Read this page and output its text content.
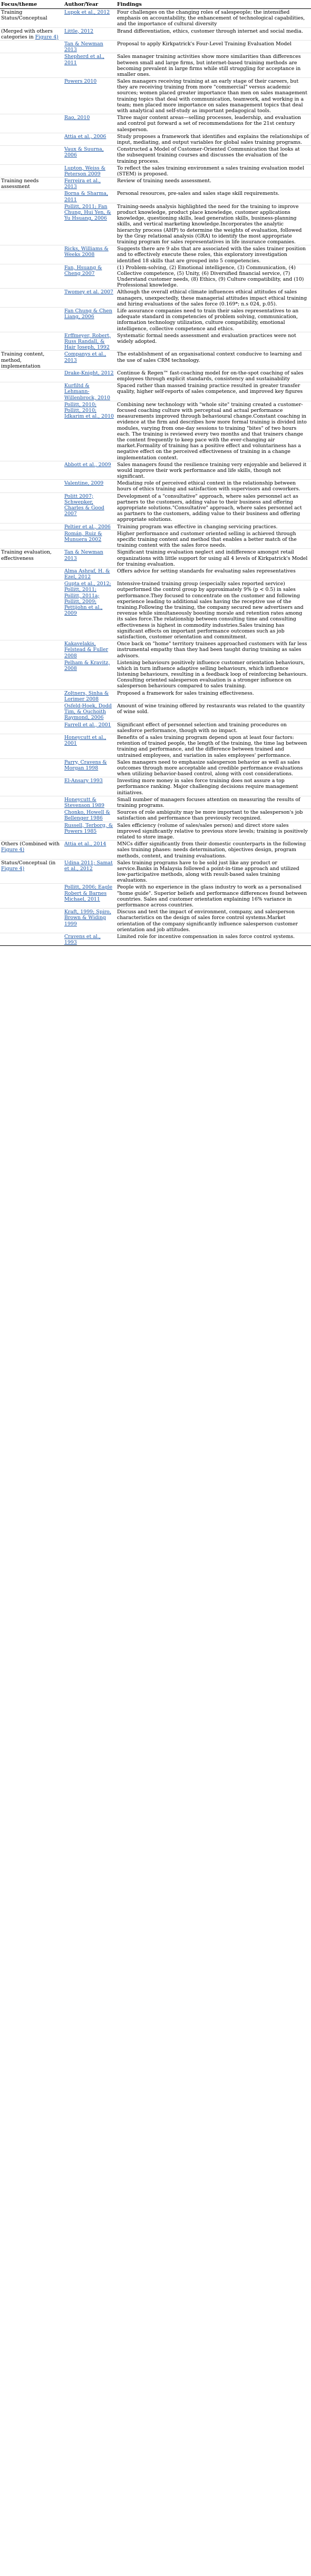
Focus/theme	Author/Year	Findings
Training Status/Conceptual	Lupok et al., 2012	Four challenges on the changing roles of salespeople; the intensified emphasis on accountability, the enhancement of technological capabilities, and the importance of cultural diversity
(Merged with others categories in Figure 4)	Little, 2012	Brand differentiation, ethics, customer through internet and social media.
	Tan & Newman 2013	Proposal to apply Kirkpatrick's Four-Level Training Evaluation Model
	Shepherd et al., 2011	Sales manager training activities show more similarities than differences between small and large firms, but internet-based training methods are becoming prevalent in large firms while still struggling for acceptance in smaller ones.
	Powers 2010	Sales managers receiving training at an early stage of their careers, but they are receiving training from more "commercial" versus academic sources; women placed greater importance than men on sales management training topics that deal with communication, teamwork, and working in a team; men placed more importance on sales management topics that deal with analytical and self-study as important pedagogical tools.
	Rao, 2010	Three major content areas—selling processes, leadership, and evaluation and control put forward a set of recommendations for the 21st century salesperson.
	Attia et al., 2006	Study proposes a framework that identifies and explains the relationships of input, mediating, and output variables for global sales training programs.
	Vaux & Suurna, 2006	Constructed a Model of Customer-Oriented Communication that looks at the subsequent training courses and discusses the evaluation of the training process.
	Lupton, Weiss & Peterson 2009	To reflect the sales training environment a sales training evaluation model (STEM) is proposed.
Training needs assessment	Ferreira et al., 2013	Review of training needs assessment.
	Borna & Sharma, 2011	Personal resources, pre-sales and sales stage skill requirements.
	Pollitt, 2011; Fan Chung, Hui Yen, & Yu Hsuang, 2006	Training-needs analysis highlighted the need for the training to improve product knowledge, product place knowledge, customer applications knowledge, questioning skills, lead generation skills, business-planning skills, and vertical marketing knowledge.Incorporates the analytic hierarchy process (AHP) to determine the weights of evaluation, followed by the Gray relational analysis (GRA) to identify the most appropriate training program for sales representatives in life insurance companies.
	Ricks, Williams & Weeks 2008	Suggests there are 9 abs that are associated with the sales trainer position and to effectively execute these roles, this exploratory investigation identified 18 skills that are grouped into 5 competencies.
	Fan, Hsuang & Cheng 2007	(1) Problem-solving, (2) Emotional intelligence, (3) Communication, (4) Collective competence, (5) Unity, (6) Diversified financial service, (7) Understand customer needs, (8) Ethics, (9) Culture compatibility, and (10) Professional knowledge.
	Twomey et al. 2007	Although the overall ethical climate influences ethical attitudes of sales managers, unexpectedly, these managerial attitudes impact ethical training and hiring evaluations of the sales force (0.169*; n.s 024, p.05).
	Fan Chung & Chen Liang, 2006	Life assurance companies need to train their sales representatives to an adequate standard in competencies of problem solving, communication, information technology utilization, culture compatibility, emotional intelligence, collective competence and ethics.
	Erffmeyer, Robert, Russ Randall, & Hair Joseph, 1992	Systematic formal needs assessment and evaluation practices were not widely adopted.
Training content, method, implementation	Companys et al., 2013	The establishment of an organisational context conducive to learning and the use of sales CRM technology.
	Drake-Knight, 2012	Continue & Regen™ fast-coaching model for on-the-spot coaching of sales employees through explicit standards, consistency and sustainability
	Kurfiltd & Lehmann-Willenbrock, 2010	Spaced rather than massed training practice resulted in greater transfer quality, higher self-reports of sales competence, and improved key figures
	Pollitt, 2010; Pollitt, 2010; Idkarim et al., 2010	Combining new technology with "whole site" training created a customer-focused coaching culture with perceptual and actual performance measurements improved through behavioural change.Constant coaching in evidence at the firm and describes how more formal training is divided into modules, varying from one-day sessions to training "bites" of two hours each. The training is reviewed every two months and that trainers change the content frequently to keep pace with the ever-changing air market.Formality of training has a positive effect and voluntariness has a negative effect on the perceived effectiveness of training in a change implementation context.
	Abbott et al., 2009	Sales managers found the resilience training very enjoyable and believed it would improve their work performance and life skills, though not significant.
	Valentine, 2009	Mediating role of perceived ethical context in the relationship between hours of ethics training and satisfaction with supervisors and coworkers.
	Politt 2007; Schwepker, Charles & Good 2007	Development of a "consultative" approach, where sales personnel act as partners to the customers, adding value to their business and offering appropriate solutions."Consultative" approach, where sales personnel act as partners to the customers, adding value to their business and offering appropriate solutions.
	Peltier et al., 2006	Training program was effective in changing servicing practices.
	Román, Ruiz & Munuera 2002	Higher performance and customer oriented selling is achieved through specific training content and method that enables a better match of the training content with the sales force needs.
Training evaluation, effectiveness	Tan & Newman 2013	Significant training evaluation neglect and indifference amongst retail organizations with little support for using all 4 levels of Kirkpatrick's Model for training evaluation.
	Alma Ashraf, H. & Ezel, 2012	Offers advice for setting standards for evaluating sales representatives
	Gupta et al., 2012; Pollitt, 2011; Pollitt, 2011a; Pollitt, 2009; Pettijohn et al., 2009	Intensive-trained training group (especially sales reported service) outperformed the control group by approximately 9% (p < 0.5) in sales performance.They focused to concentrate on the customer and following experience leading to additional sales having the receptive use of the training.Following the training, the company secured new advertisers and revenue while simultaneously boosting morale and retention rates among its sales force.The relationship between consulting time and consulting effectiveness is highest in commodity industries.Sales training has significant effects on important performance outcomes such as job satisfaction, customer orientation and commitment.
	Kakavelakis, Felstead & Fuller 2008	Once back on "home" territory trainees approached customers with far less instrumental empathy than they had been taught during training as sales advisors.
	Pelham & Kravitz, 2008	Listening behaviours positively influence customer orientation behaviours, which in turn influence adaptive selling behaviours, which influence listening behaviours, resulting in a feedback loop of reinforcing behaviours. Consulting oriented salesperson evaluation is a stronger influence on salesperson behaviours compared to sales training.
	Zoltners, Sinha & Lorimer 2008	Proposed a framework for sales training effectiveness.
	Osfeld-Hoek, Dodd Tim, & Ouchoith Raymond, 2006	Amount of wine training offered by restaurants was related to the quantity of wine sold.
	Farrell et al., 2001	Significant effect of personnel selection and training procedures on salesforce performance, though with no impact.
	Honeycutt et al., 2001	Benefits of a sales training program depend upon at least four factors: retention of trained people, the length of the training, the time lag between training and performance, and the difference between trained and untrained employees, and variation in sales employees' performance.
	Parry, Cravens & Morgan 1998	Sales managers need to emphasize salesperson behavior as well as sales outcomes through more acceptable and credible performance evaluations when utilizing behavior-based control, along with cost considerations.
	El-Ansary 1993	Investing more money in sales force training does not assure a top performance ranking. Major challenging decisions require management initiatives.
	Honeycutt & Stevenson 1989	Small number of managers focuses attention on measuring the results of training programs.
	Chonko, Howell & Bellenger 1986	Sources of role ambiguity may be more important to the salesperson's job satisfaction and performance than previously recognized.
	Russell, Terborg, & Powers 1985	Sales efficiency (volume of sales/sales person) and direct store sales improved significantly relative to previous store levels; training is positively related to store image.
Others (Combined with Figure 4)	Attia et al., 2014	MNCs differ significantly from their domestic counterparts in the following sales training phases: needs determination, objectives design, program methods, content, and training evaluations.
Status/Conceptual (in Figure 4)	Udina 2011; Samat et al., 2012	Sales training programs have to be sold just like any product or service.Banks in Malaysia followed a point-in-time approach and utilized low-participative methods, along with result-based sales training evaluations.
	Pollitt, 2006; Eagle Robert & Barnes Michael, 2011	People with no experience in the glass industry to work as a personalised "home guide". Superior beliefs and performance differences found between countries. Sales and customer orientation explaining 16% variance in performance across countries.
	Kraft, 1999; Spiro, Brown & Widing 1999	Discuss and test the impact of environment, company, and salesperson characteristics on the design of sales force control systems.Market orientation of the company significantly influence salesperson customer orientation and job attitudes.
	Cravens et al., 1993	Limited role for incentive compensation in sales force control systems.
